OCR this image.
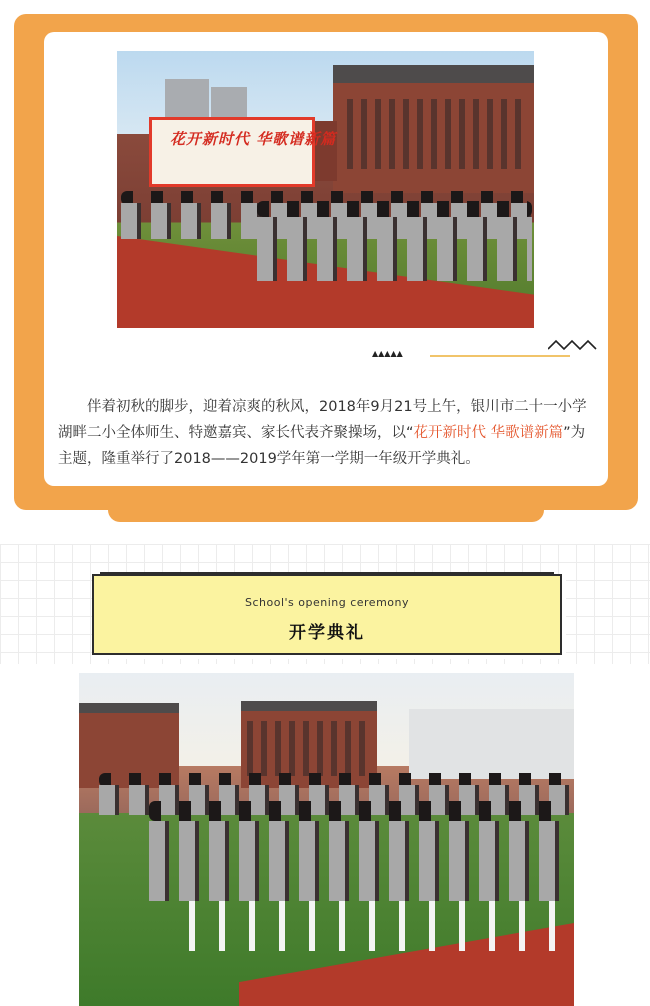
花开新时代 华歌谱新篇
▲▲▲▲▲

伴着初秋的脚步，迎着凉爽的秋风，2018年9月21号上午，银川市二十一小学湖畔二小全体师生、特邀嘉宾、家长代表齐聚操场，以“花开新时代 华歌谱新篇”为主题，隆重举行了2018——2019学年第一学期一年级开学典礼。

School's opening ceremony
开学典礼
